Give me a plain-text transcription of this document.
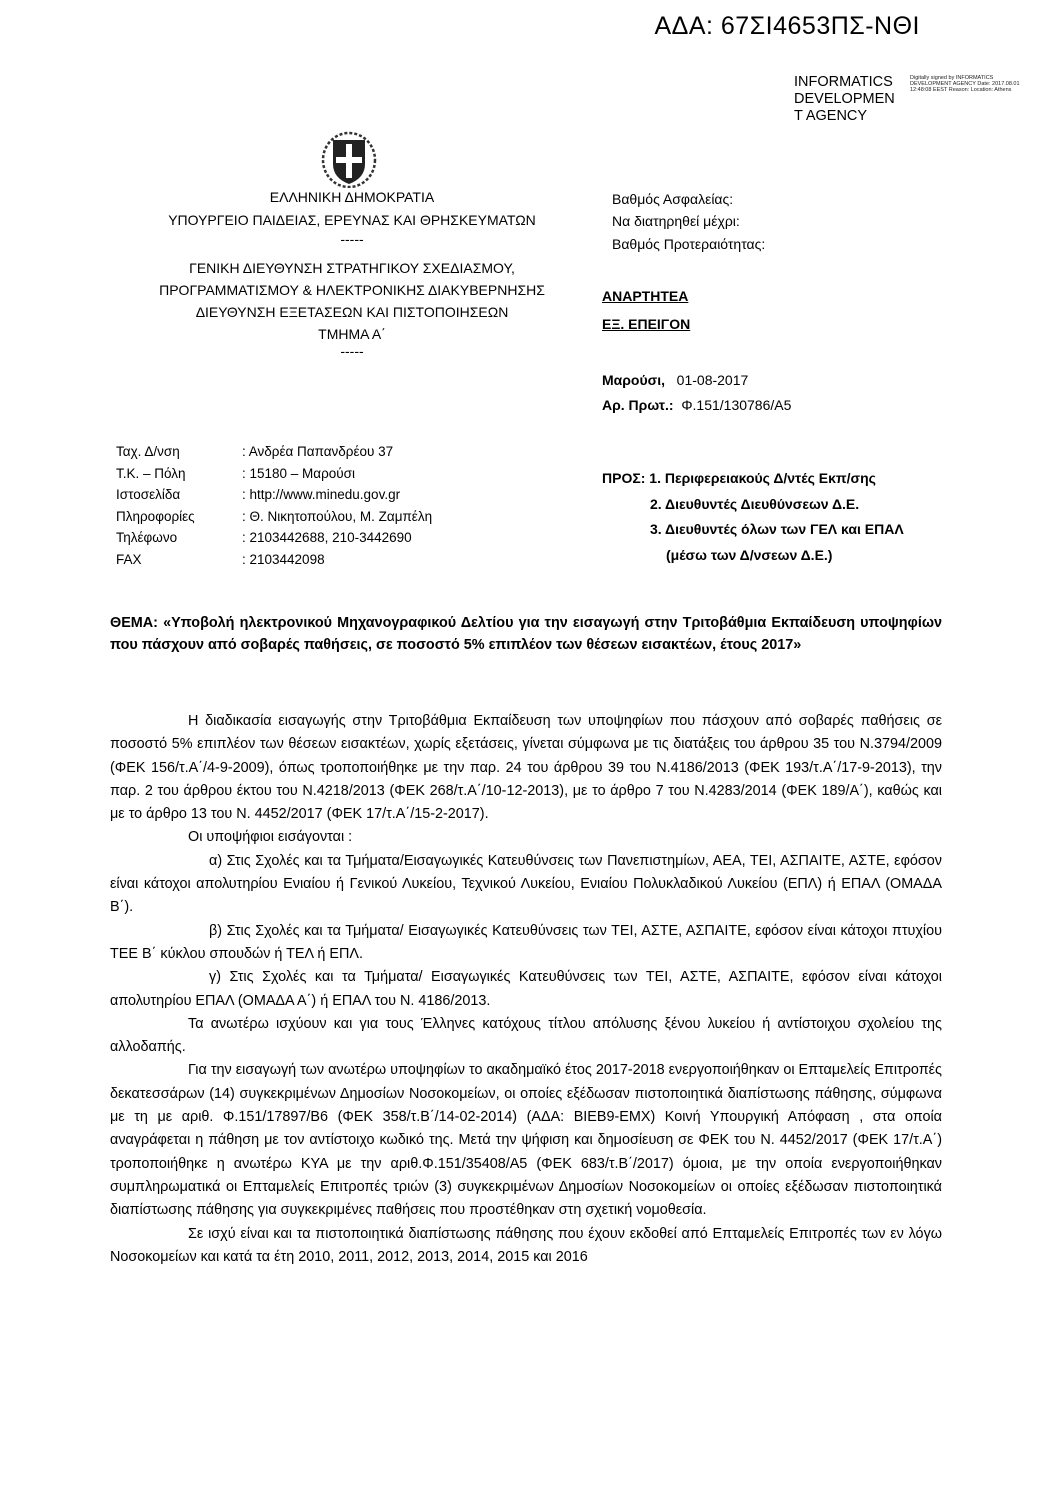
ΑΔΑ: 67ΣΙ4653ΠΣ-ΝΘΙ
INFORMATICS DEVELOPMEN T AGENCY
Digitally signed by INFORMATICS DEVELOPMENT AGENCY Date: 2017.08.01 12:48:08 EEST Reason: Location: Athens
ΕΛΛΗΝΙΚΗ ΔΗΜΟΚΡΑΤΙΑ
ΥΠΟΥΡΓΕΙΟ ΠΑΙΔΕΙΑΣ, ΕΡΕΥΝΑΣ ΚΑΙ ΘΡΗΣΚΕΥΜΑΤΩΝ
-----
ΓΕΝΙΚΗ ΔΙΕΥΘΥΝΣΗ ΣΤΡΑΤΗΓΙΚΟΥ ΣΧΕΔΙΑΣΜΟΥ,
ΠΡΟΓΡΑΜΜΑΤΙΣΜΟΥ & ΗΛΕΚΤΡΟΝΙΚΗΣ ΔΙΑΚΥΒΕΡΝΗΣΗΣ
ΔΙΕΥΘΥΝΣΗ ΕΞΕΤΑΣΕΩΝ ΚΑΙ ΠΙΣΤΟΠΟΙΗΣΕΩΝ
ΤΜΗΜΑ Α΄
-----
Βαθμός Ασφαλείας:
Να διατηρηθεί μέχρι:
Βαθμός Προτεραιότητας:
ΑΝΑΡΤΗΤΕΑ
ΕΞ. ΕΠΕΙΓΟΝ
Μαρούσι, 01-08-2017
Αρ. Πρωτ.: Φ.151/130786/Α5
Ταχ. Δ/νση	: Ανδρέα Παπανδρέου 37
Τ.Κ. – Πόλη	: 15180 – Μαρούσι
Ιστοσελίδα	: http://www.minedu.gov.gr
Πληροφορίες	: Θ. Νικητοπούλου, Μ. Ζαμπέλη
Τηλέφωνο	: 2103442688, 210-3442690
FAX	: 2103442098
ΠΡΟΣ: 1. Περιφερειακούς Δ/ντές Εκπ/σης
2. Διευθυντές Διευθύνσεων Δ.Ε.
3. Διευθυντές όλων των ΓΕΛ και ΕΠΑΛ
(μέσω των Δ/νσεων Δ.Ε.)
ΘΕΜΑ: «Υποβολή ηλεκτρονικού Μηχανογραφικού Δελτίου για την εισαγωγή στην Τριτοβάθμια Εκπαίδευση υποψηφίων που πάσχουν από σοβαρές παθήσεις, σε ποσοστό 5% επιπλέον των θέσεων εισακτέων, έτους 2017»

Η διαδικασία εισαγωγής στην Τριτοβάθμια Εκπαίδευση των υποψηφίων που πάσχουν από σοβαρές παθήσεις σε ποσοστό 5% επιπλέον των θέσεων εισακτέων, χωρίς εξετάσεις, γίνεται σύμφωνα με τις διατάξεις του άρθρου 35 του Ν.3794/2009 (ΦΕΚ 156/τ.Α΄/4-9-2009), όπως τροποποιήθηκε με την παρ. 24 του άρθρου 39 του Ν.4186/2013 (ΦΕΚ 193/τ.Α΄/17-9-2013), την παρ. 2 του άρθρου έκτου του Ν.4218/2013 (ΦΕΚ 268/τ.Α΄/10-12-2013), με το άρθρο 7 του Ν.4283/2014 (ΦΕΚ 189/Α΄), καθώς και με το άρθρο 13 του Ν. 4452/2017 (ΦΕΚ 17/τ.Α΄/15-2-2017).

Οι υποψήφιοι εισάγονται :

α) Στις Σχολές και τα Τμήματα/Εισαγωγικές Κατευθύνσεις των Πανεπιστημίων, ΑΕΑ, ΤΕΙ, ΑΣΠΑΙΤΕ, ΑΣΤΕ, εφόσον είναι κάτοχοι απολυτηρίου Ενιαίου ή Γενικού Λυκείου, Τεχνικού Λυκείου, Ενιαίου Πολυκλαδικού Λυκείου (ΕΠΛ) ή ΕΠΑΛ (ΟΜΑΔΑ Β΄).

β) Στις Σχολές και τα Τμήματα/ Εισαγωγικές Κατευθύνσεις των ΤΕΙ, ΑΣΤΕ, ΑΣΠΑΙΤΕ, εφόσον είναι κάτοχοι πτυχίου ΤΕΕ Β΄ κύκλου σπουδών ή ΤΕΛ ή ΕΠΛ.

γ) Στις Σχολές και τα Τμήματα/ Εισαγωγικές Κατευθύνσεις των ΤΕΙ, ΑΣΤΕ, ΑΣΠΑΙΤΕ, εφόσον είναι κάτοχοι απολυτηρίου ΕΠΑΛ (ΟΜΑΔΑ Α΄) ή ΕΠΑΛ του Ν. 4186/2013.

Τα ανωτέρω ισχύουν και για τους Έλληνες κατόχους τίτλου απόλυσης ξένου λυκείου ή αντίστοιχου σχολείου της αλλοδαπής.

Για την εισαγωγή των ανωτέρω υποψηφίων το ακαδημαϊκό έτος 2017-2018 ενεργοποιήθηκαν οι Επταμελείς Επιτροπές δεκατεσσάρων (14) συγκεκριμένων Δημοσίων Νοσοκομείων, οι οποίες εξέδωσαν πιστοποιητικά διαπίστωσης πάθησης, σύμφωνα με τη με αριθ. Φ.151/17897/Β6 (ΦΕΚ 358/τ.Β΄/14-02-2014) (ΑΔΑ: ΒΙΕΒ9-ΕΜΧ) Κοινή Υπουργική Απόφαση , στα οποία αναγράφεται η πάθηση με τον αντίστοιχο κωδικό της. Μετά την ψήφιση και δημοσίευση σε ΦΕΚ του Ν. 4452/2017 (ΦΕΚ 17/τ.Α΄) τροποποιήθηκε η ανωτέρω ΚΥΑ με την αριθ.Φ.151/35408/Α5 (ΦΕΚ 683/τ.Β΄/2017) όμοια, με την οποία ενεργοποιήθηκαν συμπληρωματικά οι Επταμελείς Επιτροπές τριών (3) συγκεκριμένων Δημοσίων Νοσοκομείων οι οποίες εξέδωσαν πιστοποιητικά διαπίστωσης πάθησης για συγκεκριμένες παθήσεις που προστέθηκαν στη σχετική νομοθεσία.

Σε ισχύ είναι και τα πιστοποιητικά διαπίστωσης πάθησης που έχουν εκδοθεί από Επταμελείς Επιτροπές των εν λόγω Νοσοκομείων και κατά τα έτη 2010, 2011, 2012, 2013, 2014, 2015 και 2016
